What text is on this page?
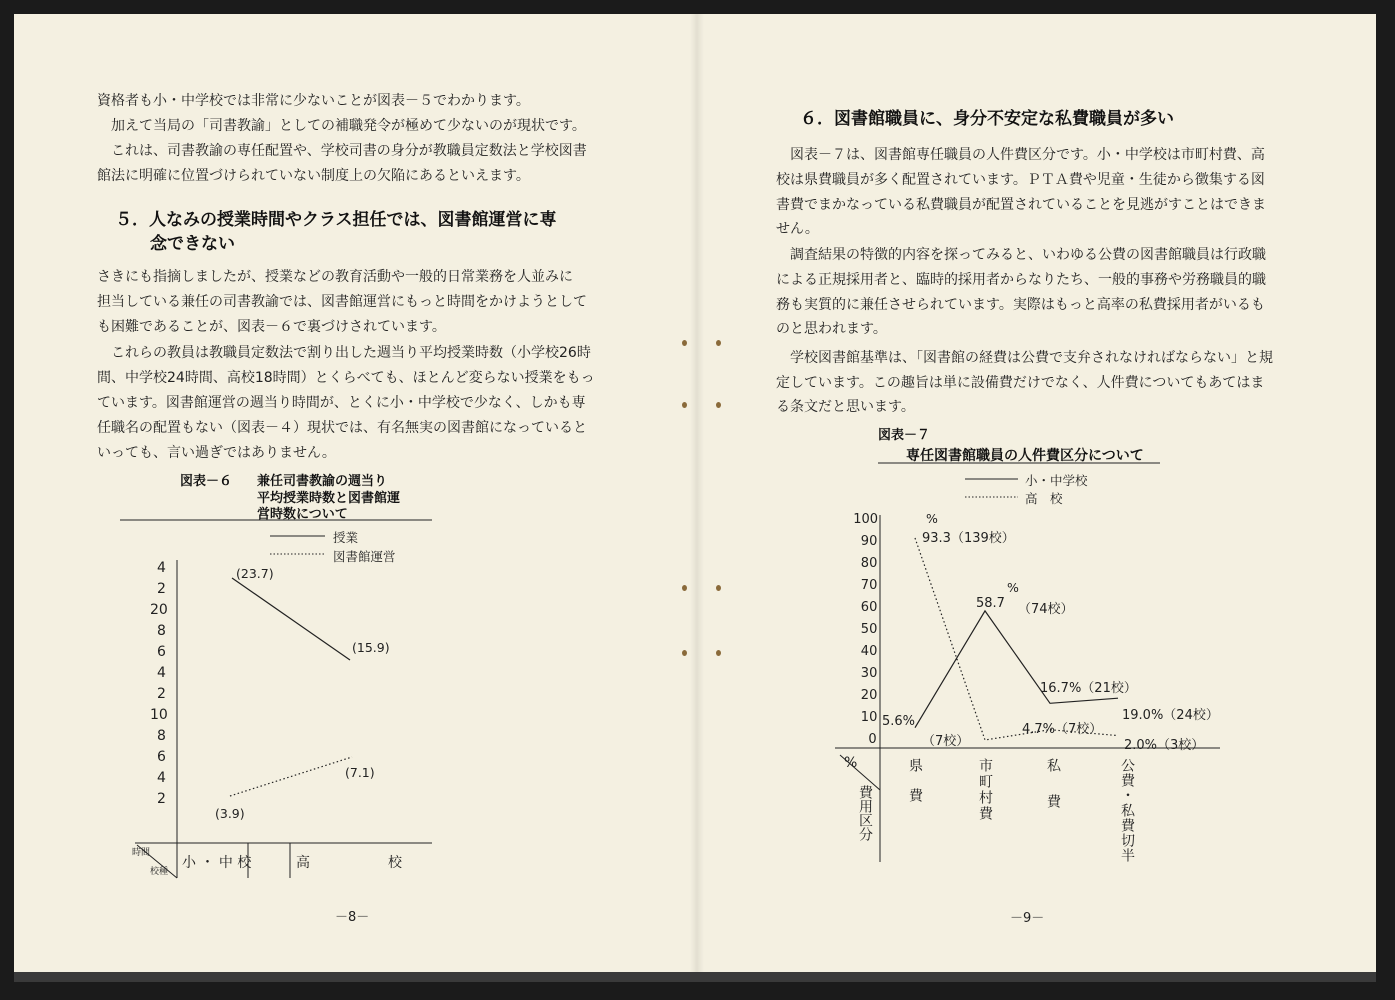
資格者も小・中学校では非常に少ないことが図表－５でわかります。
加えて当局の「司書教諭」としての補職発令が極めて少ないのが現状です。
これは、司書教諭の専任配置や、学校司書の身分が教職員定数法と学校図書
館法に明確に位置づけられていない制度上の欠陥にあるといえます。
５．人なみの授業時間やクラス担任では、図書館運営に専
念できない
さきにも指摘しましたが、授業などの教育活動や一般的日常業務を人並みに
担当している兼任の司書教諭では、図書館運営にもっと時間をかけようとして
も困難であることが、図表－６で裏づけされています。
これらの教員は教職員定数法で割り出した週当り平均授業時数（小学校26時
間、中学校24時間、高校18時間）とくらべても、ほとんど変らない授業をもっ
ています。図書館運営の週当り時間が、とくに小・中学校で少なく、しかも専
任職名の配置もない（図表－４）現状では、有名無実の図書館になっていると
いっても、言い過ぎではありません。
図表－６ 兼任司書教諭の週当り
平均授業時数と図書館運
営時数について
授業
図書館運営
4
2
20
8
6
4
2
10
8
6
4
2
(23.7)
(15.9)
(7.1)
(3.9)
時間
校種
小 ・ 中 校	高	校
－8－
６．図書館職員に、身分不安定な私費職員が多い
図表－７は、図書館専任職員の人件費区分です。小・中学校は市町村費、高
校は県費職員が多く配置されています。ＰＴＡ費や児童・生徒から徴集する図
書費でまかなっている私費職員が配置されていることを見逃がすことはできま
せん。
調査結果の特徴的内容を探ってみると、いわゆる公費の図書館職員は行政職
による正規採用者と、臨時的採用者からなりたち、一般的事務や労務職員的職
務も実質的に兼任させられています。実際はもっと高率の私費採用者がいるも
のと思われます。
学校図書館基準は、「図書館の経費は公費で支弁されなければならない」と規
定しています。この趣旨は単に設備費だけでなく、人件費についてもあてはま
る条文だと思います。
図表－７
専任図書館職員の人件費区分について
小・中学校
高　校
100
90
80
70
60
50
40
30
20
10
0
93.3（139校）
58.7 （74校）
5.6%
（7校）
16.7%（21校）
4.7%（7校）
19.0%（24校）
2.0%（3校）
%
%
%
費用区分 県費	市町村費	私費	公費・私費切半
－9－
